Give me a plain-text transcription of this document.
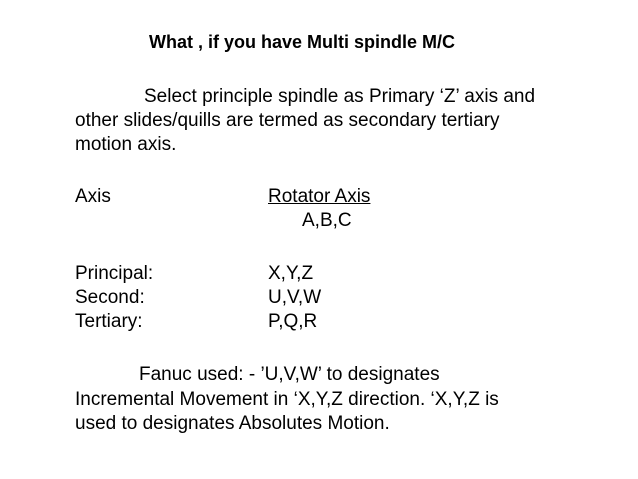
What , if you have Multi spindle M/C
Select principle spindle as Primary ‘Z’ axis and
other slides/quills are termed as secondary tertiary
motion axis.
Axis	Rotator Axis
A,B,C
Principal:	X,Y,Z
Second:	U,V,W
Tertiary:	P,Q,R
Fanuc used: - ’U,V,W’ to designates
Incremental Movement in ‘X,Y,Z direction. ‘X,Y,Z is
used to designates Absolutes Motion.
